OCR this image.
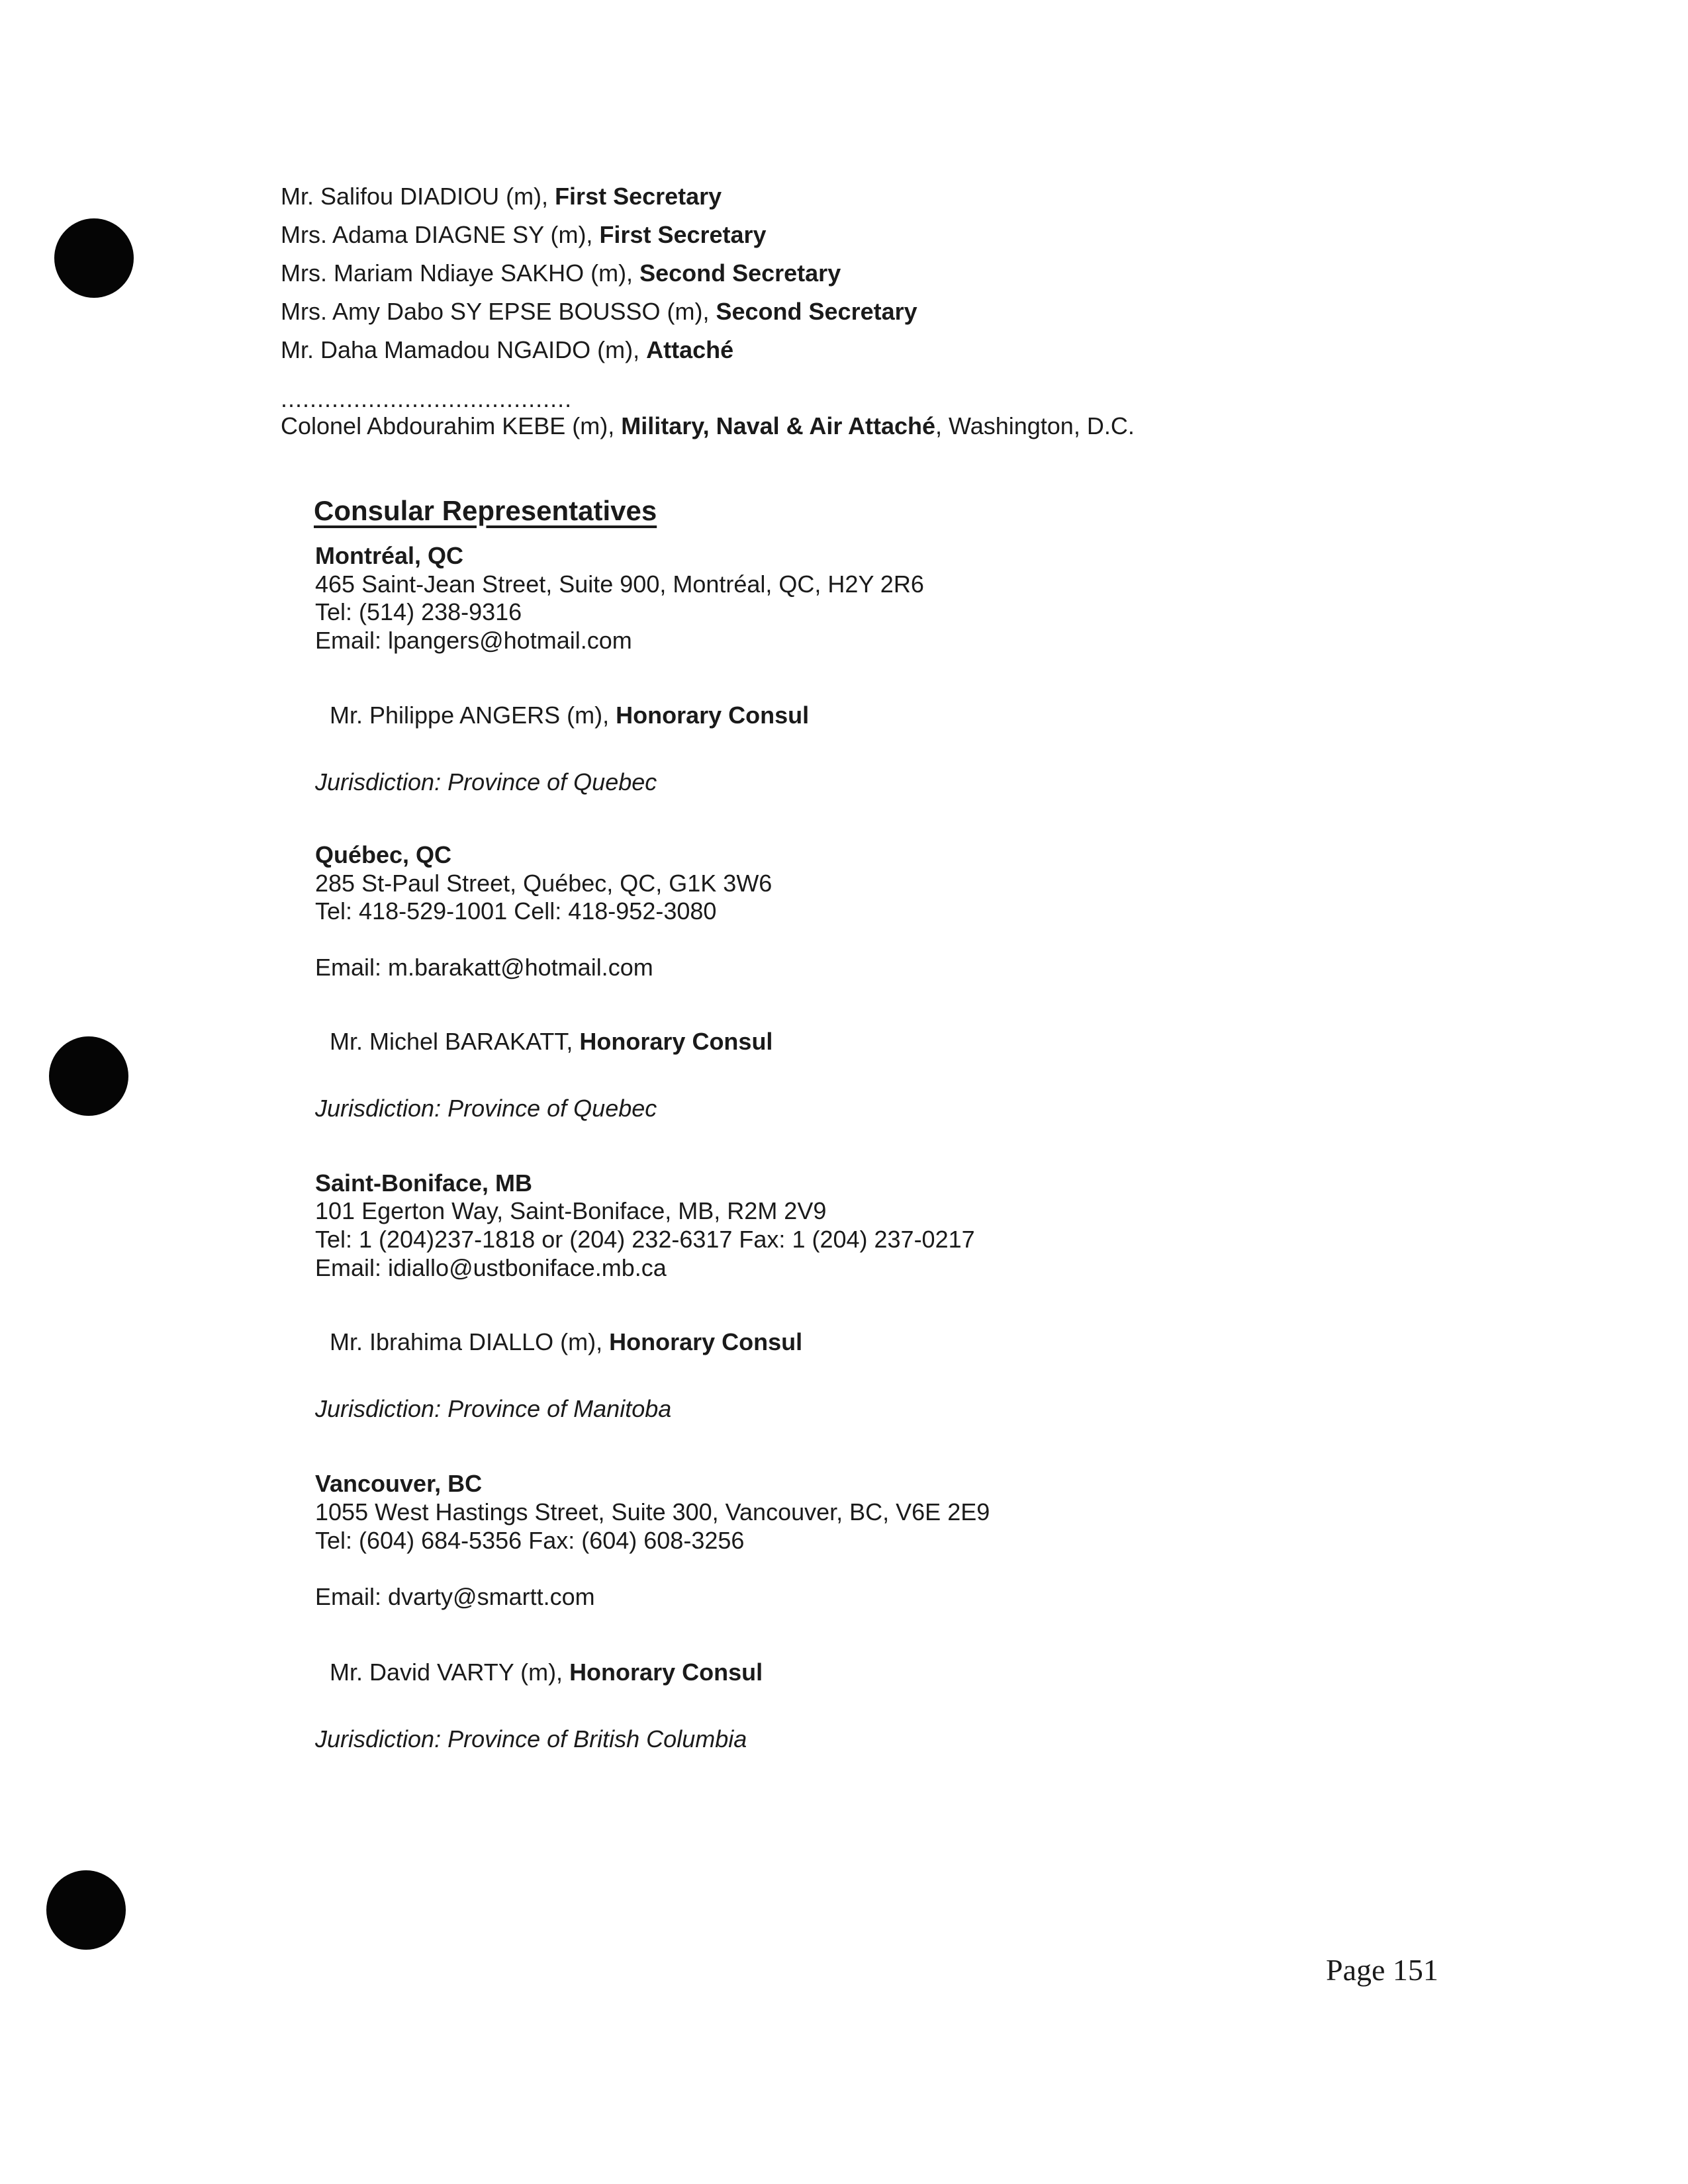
Mr. Salifou DIADIOU (m), First Secretary
Mrs. Adama DIAGNE SY (m), First Secretary
Mrs. Mariam Ndiaye SAKHO (m), Second Secretary
Mrs. Amy Dabo SY EPSE BOUSSO (m), Second Secretary
Mr. Daha Mamadou NGAIDO (m), Attaché
........................................
Colonel Abdourahim KEBE (m), Military, Naval & Air Attaché, Washington, D.C.
Consular Representatives
Montréal, QC
465 Saint-Jean Street, Suite 900, Montréal, QC, H2Y 2R6
Tel: (514) 238-9316
Email: lpangers@hotmail.com
Mr. Philippe ANGERS (m), Honorary Consul
Jurisdiction: Province of Quebec
Québec, QC
285 St-Paul Street, Québec, QC, G1K 3W6
Tel: 418-529-1001 Cell: 418-952-3080
Email: m.barakatt@hotmail.com
Mr. Michel BARAKATT, Honorary Consul
Jurisdiction: Province of Quebec
Saint-Boniface, MB
101 Egerton Way, Saint-Boniface, MB, R2M 2V9
Tel: 1 (204)237-1818 or (204) 232-6317 Fax: 1 (204) 237-0217
Email: idiallo@ustboniface.mb.ca
Mr. Ibrahima DIALLO (m), Honorary Consul
Jurisdiction: Province of Manitoba
Vancouver, BC
1055 West Hastings Street, Suite 300, Vancouver, BC, V6E 2E9
Tel: (604) 684-5356 Fax: (604) 608-3256
Email: dvarty@smartt.com
Mr. David VARTY (m), Honorary Consul
Jurisdiction: Province of British Columbia
Page 151
